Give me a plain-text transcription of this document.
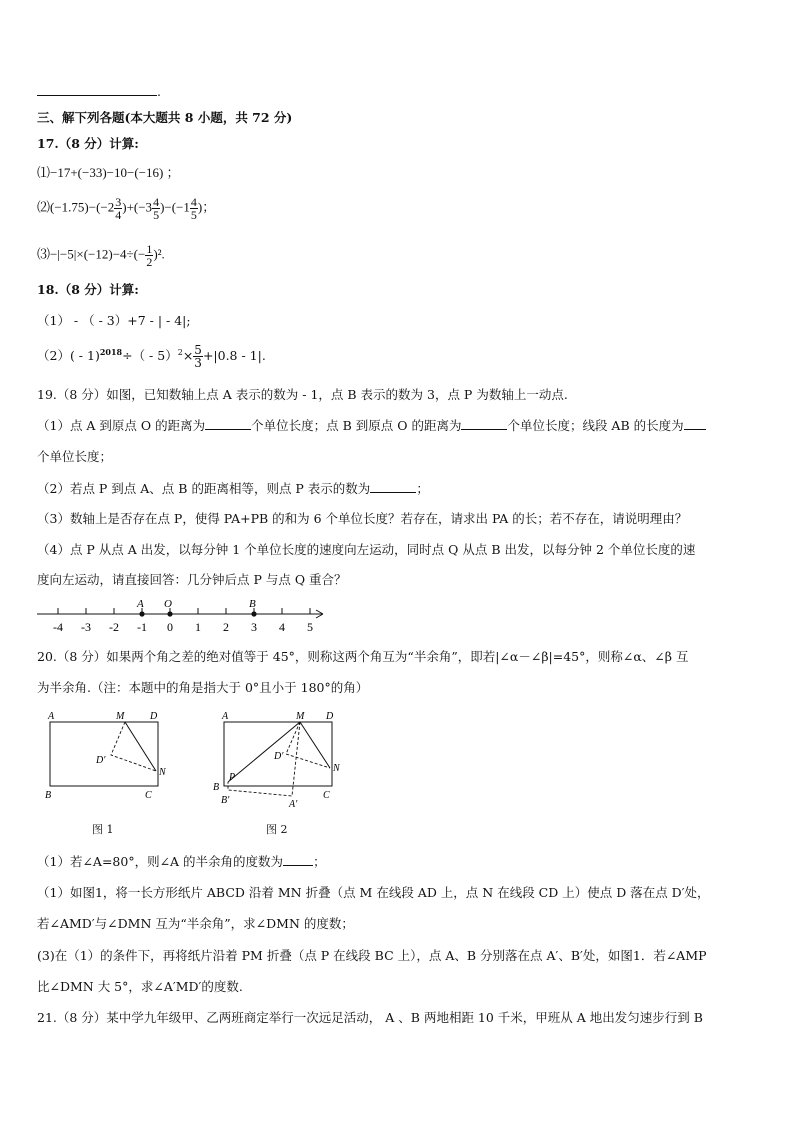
.
三、解下列各题(本大题共 8 小题，共 72 分)
17.（8 分）计算:
⑴−17+(−33)−10−(−16) ；
⑵(−1.75)−(−2 $\frac{3}{4} )+(-3 \frac{4}{5} )-(-1 \frac{4}{5}$ )；
⑶−|−5|×(−12)−4÷(− $\frac{1}{2} )^2$.
18.（8 分）计算:
（1） - （ - 3）+7 - | - 4|;
$(2)( - 1)^{2018}\div( - 5)^2\times \frac{5}{3} +|0.8 - 1|$.
19.（8 分）如图，已知数轴上点 A 表示的数为 - 1，点 B 表示的数为 3，点 P 为数轴上一动点.
（1）点 A 到原点 O 的距离为	个单位长度；点 B 到原点 O 的距离为	个单位长度；线段 AB 的长度为
个单位长度；
（2）若点 P 到点 A、点 B 的距离相等，则点 P 表示的数为	；
（3）数轴上是否存在点 P，使得 PA+PB 的和为 6 个单位长度？若存在，请求出 PA 的长；若不存在，请说明理由？
（4）点 P 从点 A 出发，以每分钟 1 个单位长度的速度向左运动，同时点 Q 从点 B 出发，以每分钟 2 个单位长度的速
度向左运动，请直接回答：几分钟后点 P 与点 Q 重合？
-4 -3 -2 -1 0 1 2 3 4 5
A O	B
20.（8 分）如果两个角之差的绝对值等于 45°，则称这两个角互为“半余角”，即若|∠α－∠β|=45°，则称∠α、∠β 互
为半余角.（注：本题中的角是指大于 0°且小于 180°的角）
A	M	D
D′
N
B	C
A	M D
D′
N
P
B
C
B′	A′
图 1	图 2
（1）若∠A=80°，则∠A 的半余角的度数为 ；
（1）如图1，将一长方形纸片 ABCD 沿着 MN 折叠（点 M 在线段 AD 上，点 N 在线段 CD 上）使点 D 落在点 D′处，
若∠AMD′与∠DMN 互为“半余角”，求∠DMN 的度数；
(3)在（1）的条件下，再将纸片沿着 PM 折叠（点 P 在线段 BC 上），点 A、B 分别落在点 A′、B′处，如图1．若∠AMP
比∠DMN 大 5°，求∠A′MD′的度数.
21.（8 分）某中学九年级甲、乙两班商定举行一次远足活动， A 、B 两地相距 10 千米，甲班从 A 地出发匀速步行到 B
